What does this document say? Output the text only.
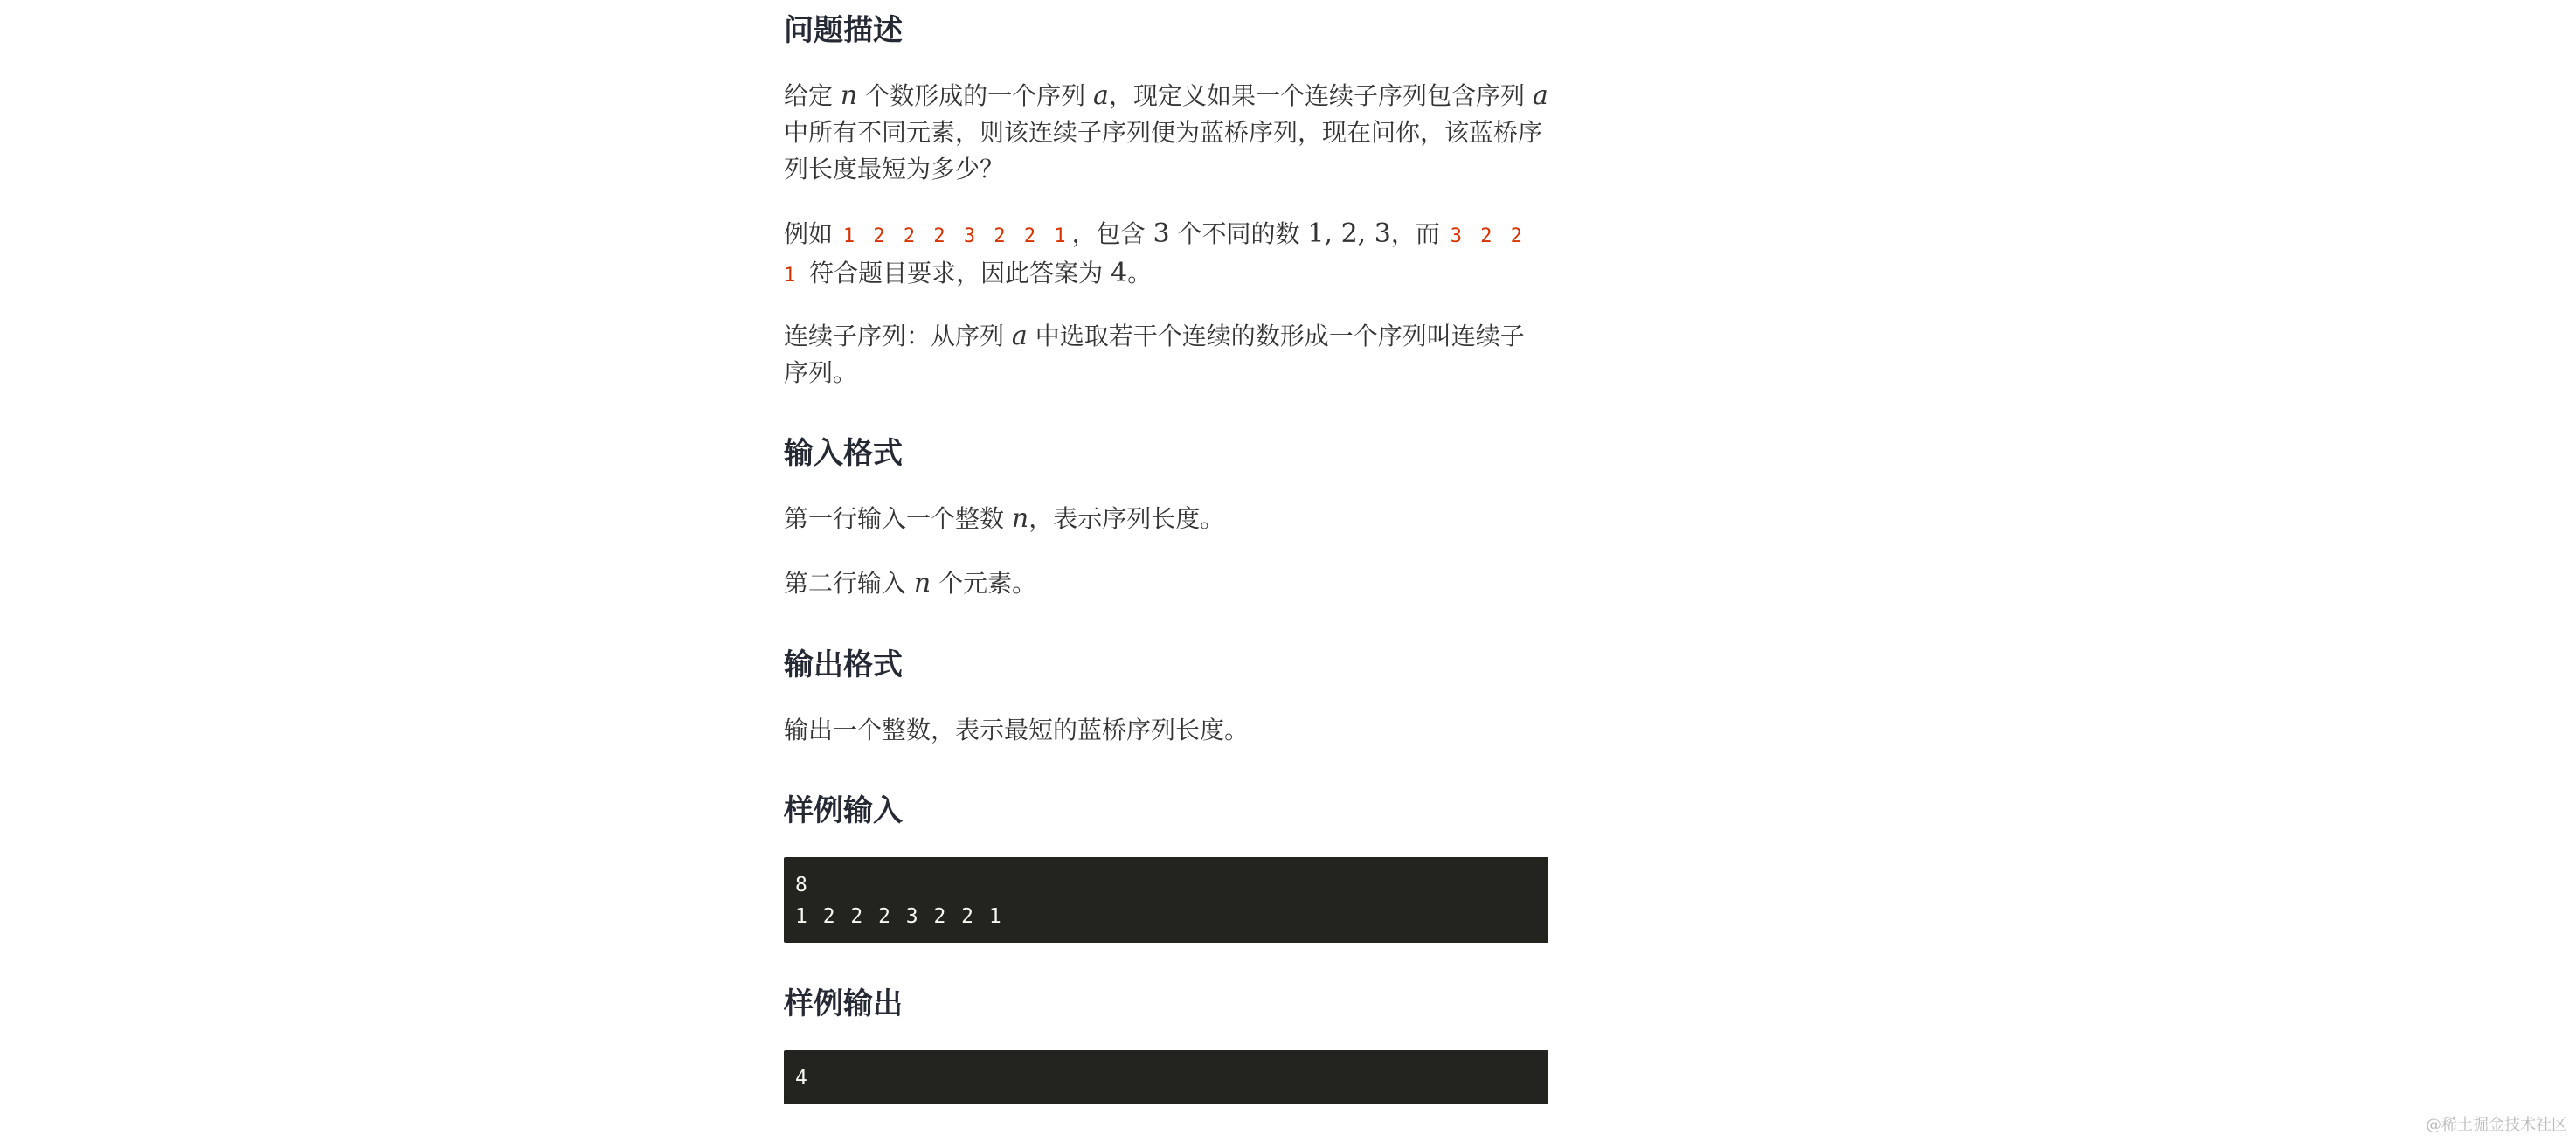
问题描述

给定 n 个数形成的一个序列 a，现定义如果一个连续子序列包含序列 a 中所有不同元素，则该连续子序列便为蓝桥序列，现在问你，该蓝桥序列长度最短为多少？

例如 1 2 2 2 3 2 2 1 ，包含 3 个不同的数 1, 2, 3，而 3 2 2 1 符合题目要求，因此答案为 4。

连续子序列：从序列 a 中选取若干个连续的数形成一个序列叫连续子序列。

输入格式

第一行输入一个整数 n，表示序列长度。

第二行输入 n 个元素。

输出格式

输出一个整数，表示最短的蓝桥序列长度。

样例输入
8
1 2 2 2 3 2 2 1
样例输出
4
@稀土掘金技术社区
